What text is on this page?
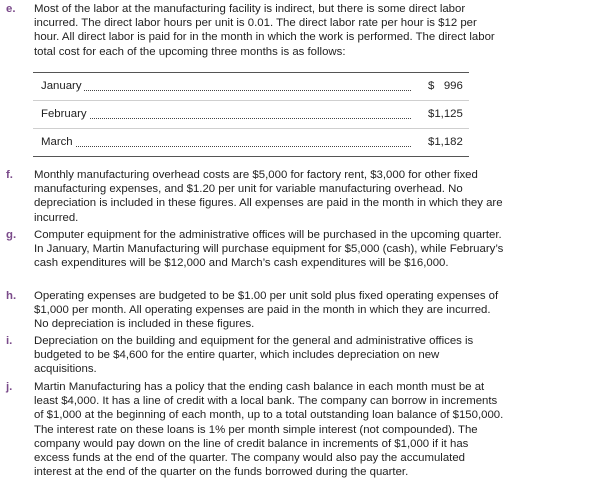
e.	Most of the labor at the manufacturing facility is indirect, but there is some direct labor incurred. The direct labor hours per unit is 0.01. The direct labor rate per hour is $12 per hour. All direct labor is paid for in the month in which the work is performed. The direct labor total cost for each of the upcoming three months is as follows:
January	$   996
February	$1,125
March	$1,182
f.	Monthly manufacturing overhead costs are $5,000 for factory rent, $3,000 for other fixed manufacturing expenses, and $1.20 per unit for variable manufacturing overhead. No depreciation is included in these figures. All expenses are paid in the month in which they are incurred.
g.	Computer equipment for the administrative offices will be purchased in the upcoming quarter. In January, Martin Manufacturing will purchase equipment for $5,000 (cash), while February’s cash expenditures will be $12,000 and March’s cash expenditures will be $16,000.
h.	Operating expenses are budgeted to be $1.00 per unit sold plus fixed operating expenses of $1,000 per month. All operating expenses are paid in the month in which they are incurred. No depreciation is included in these figures.
i.	Depreciation on the building and equipment for the general and administrative offices is budgeted to be $4,600 for the entire quarter, which includes depreciation on new acquisitions.
j.	Martin Manufacturing has a policy that the ending cash balance in each month must be at least $4,000. It has a line of credit with a local bank. The company can borrow in increments of $1,000 at the beginning of each month, up to a total outstanding loan balance of $150,000. The interest rate on these loans is 1% per month simple interest (not compounded). The company would pay down on the line of credit balance in increments of $1,000 if it has excess funds at the end of the quarter. The company would also pay the accumulated interest at the end of the quarter on the funds borrowed during the quarter.
